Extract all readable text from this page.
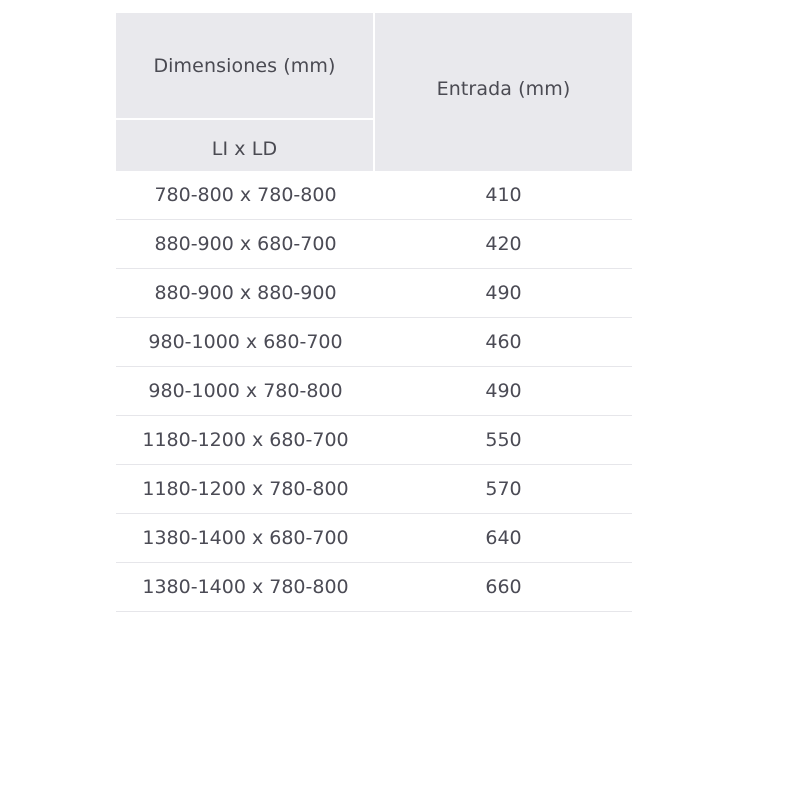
Dimensiones (mm)
LI x LD
Entrada (mm)
780-800 x 780-800	410
880-900 x 680-700	420
880-900 x 880-900	490
980-1000 x 680-700	460
980-1000 x 780-800	490
1180-1200 x 680-700	550
1180-1200 x 780-800	570
1380-1400 x 680-700	640
1380-1400 x 780-800	660
